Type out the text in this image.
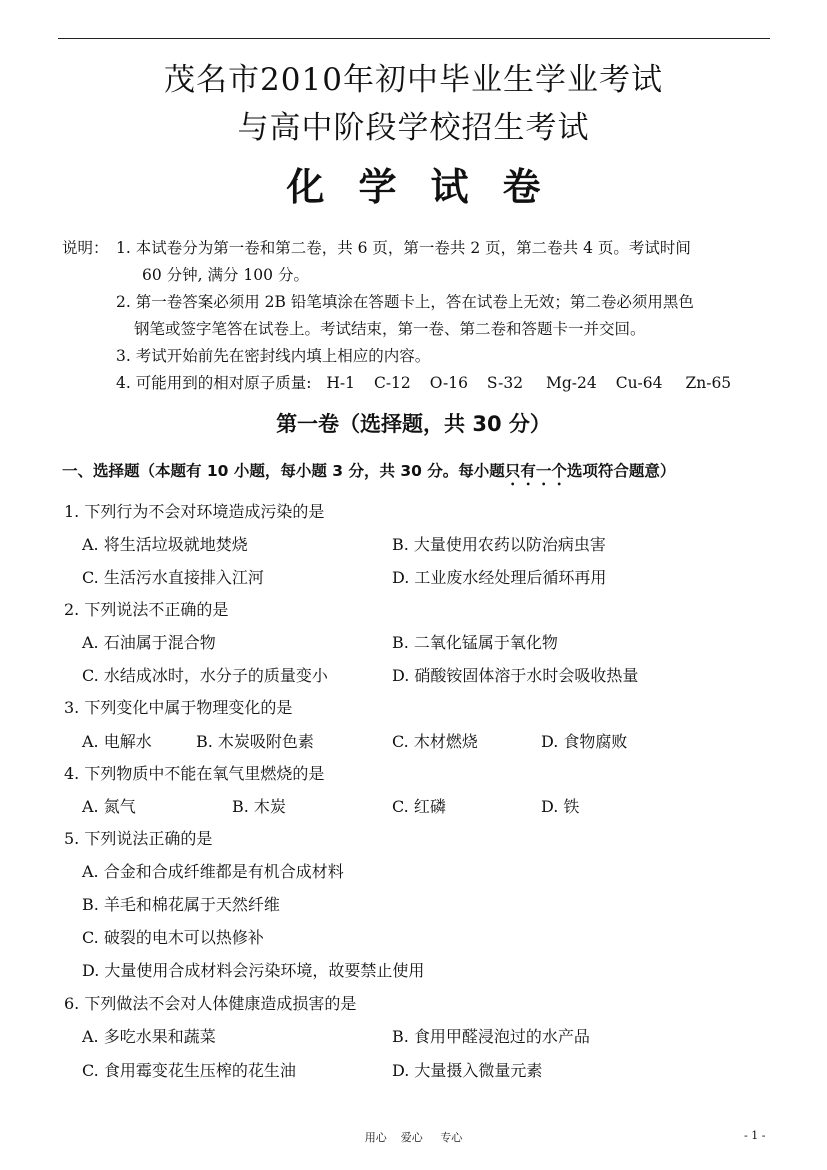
茂名市2010年初中毕业生学业考试
与高中阶段学校招生考试
化学试卷
说明： 1. 本试卷分为第一卷和第二卷，共 6 页，第一卷共 2 页，第二卷共 4 页。考试时间
60 分钟, 满分 100 分。
2. 第一卷答案必须用 2B 铅笔填涂在答题卡上，答在试卷上无效；第二卷必须用黑色
钢笔或签字笔答在试卷上。考试结束，第一卷、第二卷和答题卡一并交回。
3. 考试开始前先在密封线内填上相应的内容。
4. 可能用到的相对原子质量: H-1 C-12 O-16 S-32 Mg-24 Cu-64 Zn-65
第一卷（选择题，共 30 分）
一、选择题（本题有 10 小题，每小题 3 分，共 30 分。每小题只有一个选项符合题意）
1. 下列行为不会对环境造成污染的是
A. 将生活垃圾就地焚烧	B. 大量使用农药以防治病虫害
C. 生活污水直接排入江河	D. 工业废水经处理后循环再用
2. 下列说法不正确的是
A. 石油属于混合物	B. 二氧化锰属于氧化物
C. 水结成冰时，水分子的质量变小	D. 硝酸铵固体溶于水时会吸收热量
3. 下列变化中属于物理变化的是
A. 电解水	B. 木炭吸附色素	C. 木材燃烧	D. 食物腐败
4. 下列物质中不能在氧气里燃烧的是
A. 氮气	B. 木炭	C. 红磷	D. 铁
5. 下列说法正确的是
A. 合金和合成纤维都是有机合成材料
B. 羊毛和棉花属于天然纤维
C. 破裂的电木可以热修补
D. 大量使用合成材料会污染环境，故要禁止使用
6. 下列做法不会对人体健康造成损害的是
A. 多吃水果和蔬菜	B. 食用甲醛浸泡过的水产品
C. 食用霉变花生压榨的花生油	D. 大量摄入微量元素
用心    爱心     专心	- 1 -
